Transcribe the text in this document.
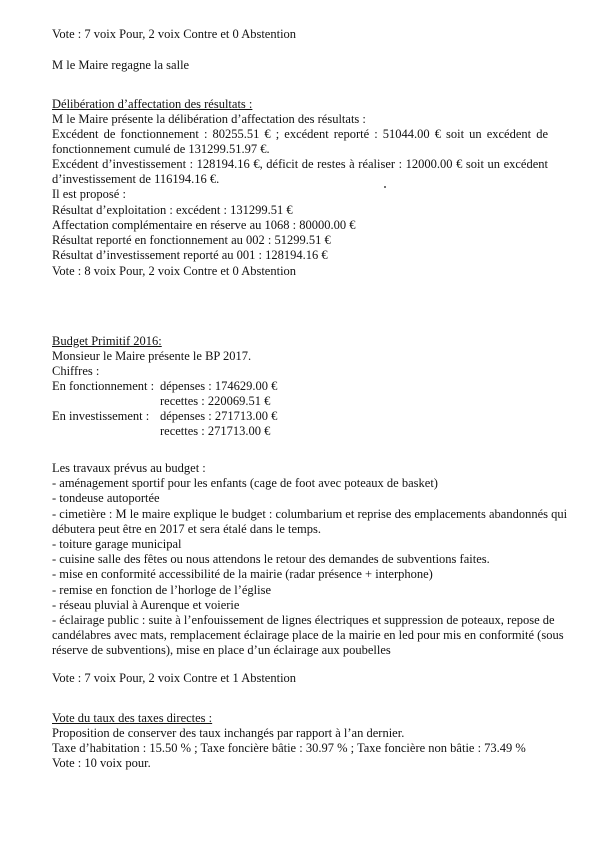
Vote : 7 voix Pour, 2 voix Contre et 0 Abstention
M le Maire regagne la salle
Délibération d’affectation des résultats :
M le Maire présente la délibération d’affectation des résultats :
Excédent de fonctionnement : 80255.51 € ; excédent reporté : 51044.00 € soit un excédent de
fonctionnement cumulé de 131299.51.97 €.
Excédent d’investissement : 128194.16 €, déficit de restes à réaliser : 12000.00 € soit un excédent
d’investissement de 116194.16 €.
Il est proposé :
Résultat d’exploitation : excédent : 131299.51 €
Affectation complémentaire en réserve au 1068 : 80000.00 €
Résultat reporté en fonctionnement au 002 : 51299.51 €
Résultat d’investissement reporté au 001 : 128194.16 €
Vote : 8 voix Pour, 2 voix Contre et 0 Abstention
Budget Primitif 2016:
Monsieur le Maire présente le BP 2017.
Chiffres :
En fonctionnement : dépenses : 174629.00 €
recettes : 220069.51 €
En investissement : dépenses : 271713.00 €
recettes : 271713.00 €
Les travaux prévus au budget :
- aménagement sportif pour les enfants (cage de foot avec poteaux de basket)
- tondeuse autoportée
- cimetière : M le maire explique le budget : columbarium et reprise des emplacements abandonnés qui
débutera peut être en 2017 et sera étalé dans le temps.
- toiture garage municipal
- cuisine salle des fêtes ou nous attendons le retour des demandes de subventions faites.
- mise en conformité accessibilité de la mairie (radar présence + interphone)
- remise en fonction de l’horloge de l’église
- réseau pluvial à Aurenque et voierie
- éclairage public : suite à l’enfouissement de lignes électriques et suppression de poteaux, repose de
candélabres avec mats, remplacement éclairage place de la mairie en led pour mis en conformité (sous
réserve de subventions), mise en place d’un éclairage aux poubelles
Vote : 7 voix Pour, 2 voix Contre et 1 Abstention
Vote du taux des taxes directes :
Proposition de conserver des taux inchangés par rapport à l’an dernier.
Taxe d’habitation : 15.50 % ; Taxe foncière bâtie : 30.97 % ; Taxe foncière non bâtie : 73.49 %
Vote : 10 voix pour.
